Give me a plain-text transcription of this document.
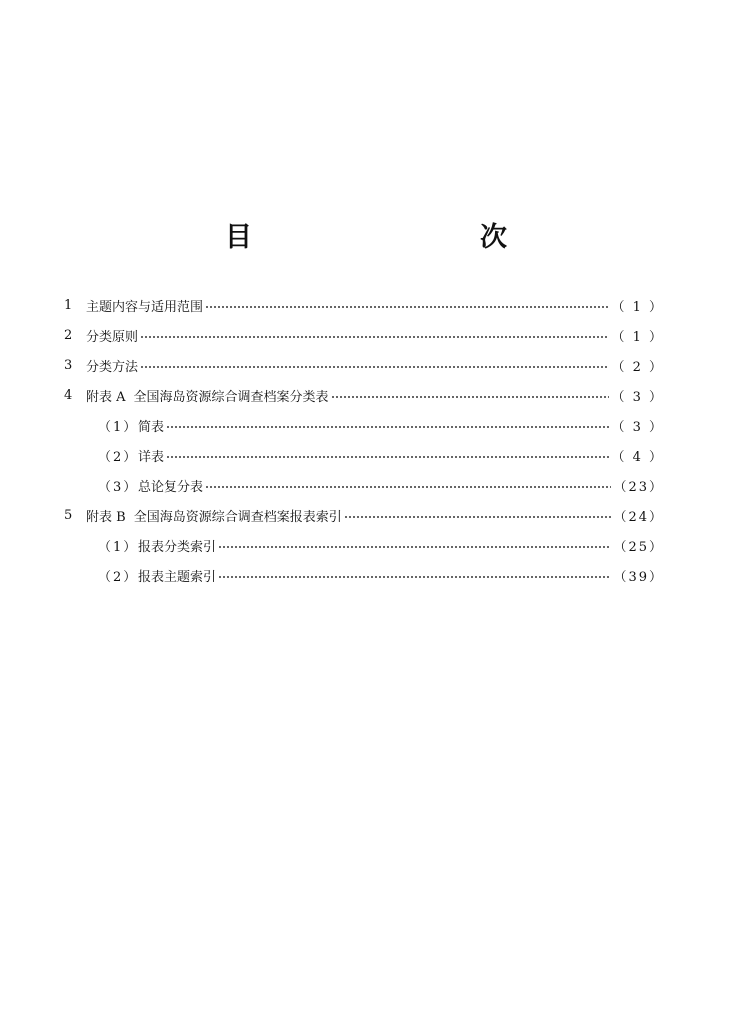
目　　次
1	主题内容与适用范围	（ 1 ）
2	分类原则	（ 1 ）
3	分类方法	（ 2 ）
4	附表 A 全国海岛资源综合调查档案分类表	（ 3 ）
（1） 简表	（ 3 ）
（2） 详表	（ 4 ）
（3） 总论复分表	（23）
5	附表 B 全国海岛资源综合调查档案报表索引	（24）
（1） 报表分类索引	（25）
（2） 报表主题索引	（39）
